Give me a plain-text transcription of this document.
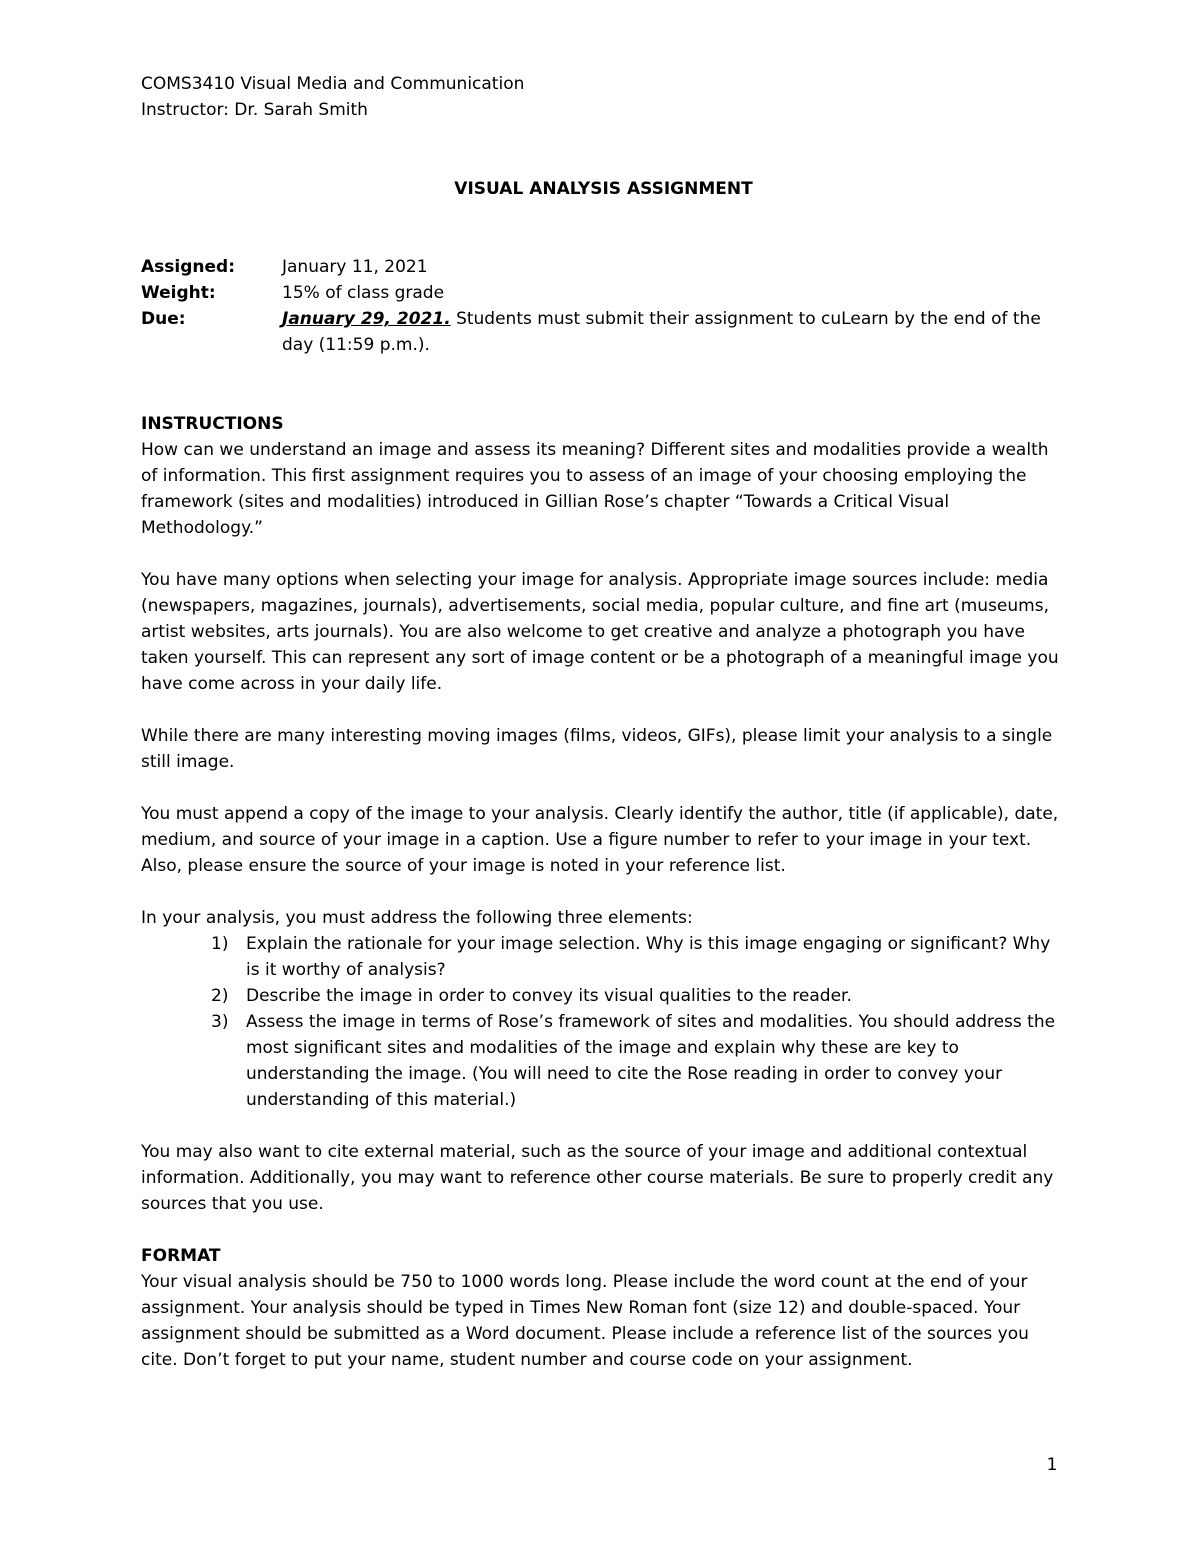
COMS3410 Visual Media and Communication
Instructor: Dr. Sarah Smith
VISUAL ANALYSIS ASSIGNMENT
Assigned:	January 11, 2021
Weight:	15% of class grade
Due:	January 29, 2021. Students must submit their assignment to cuLearn by the end of the day (11:59 p.m.).
INSTRUCTIONS
How can we understand an image and assess its meaning? Different sites and modalities provide a wealth of information. This first assignment requires you to assess of an image of your choosing employing the framework (sites and modalities) introduced in Gillian Rose’s chapter “Towards a Critical Visual Methodology.”
You have many options when selecting your image for analysis. Appropriate image sources include: media (newspapers, magazines, journals), advertisements, social media, popular culture, and fine art (museums, artist websites, arts journals). You are also welcome to get creative and analyze a photograph you have taken yourself. This can represent any sort of image content or be a photograph of a meaningful image you have come across in your daily life.
While there are many interesting moving images (films, videos, GIFs), please limit your analysis to a single still image.
You must append a copy of the image to your analysis. Clearly identify the author, title (if applicable), date, medium, and source of your image in a caption. Use a figure number to refer to your image in your text. Also, please ensure the source of your image is noted in your reference list.
In your analysis, you must address the following three elements:
1)	Explain the rationale for your image selection. Why is this image engaging or significant? Why is it worthy of analysis?
2)	Describe the image in order to convey its visual qualities to the reader.
3)	Assess the image in terms of Rose’s framework of sites and modalities. You should address the most significant sites and modalities of the image and explain why these are key to understanding the image. (You will need to cite the Rose reading in order to convey your understanding of this material.)
You may also want to cite external material, such as the source of your image and additional contextual information. Additionally, you may want to reference other course materials. Be sure to properly credit any sources that you use.
FORMAT
Your visual analysis should be 750 to 1000 words long. Please include the word count at the end of your assignment. Your analysis should be typed in Times New Roman font (size 12) and double-spaced. Your assignment should be submitted as a Word document. Please include a reference list of the sources you cite. Don’t forget to put your name, student number and course code on your assignment.
1
